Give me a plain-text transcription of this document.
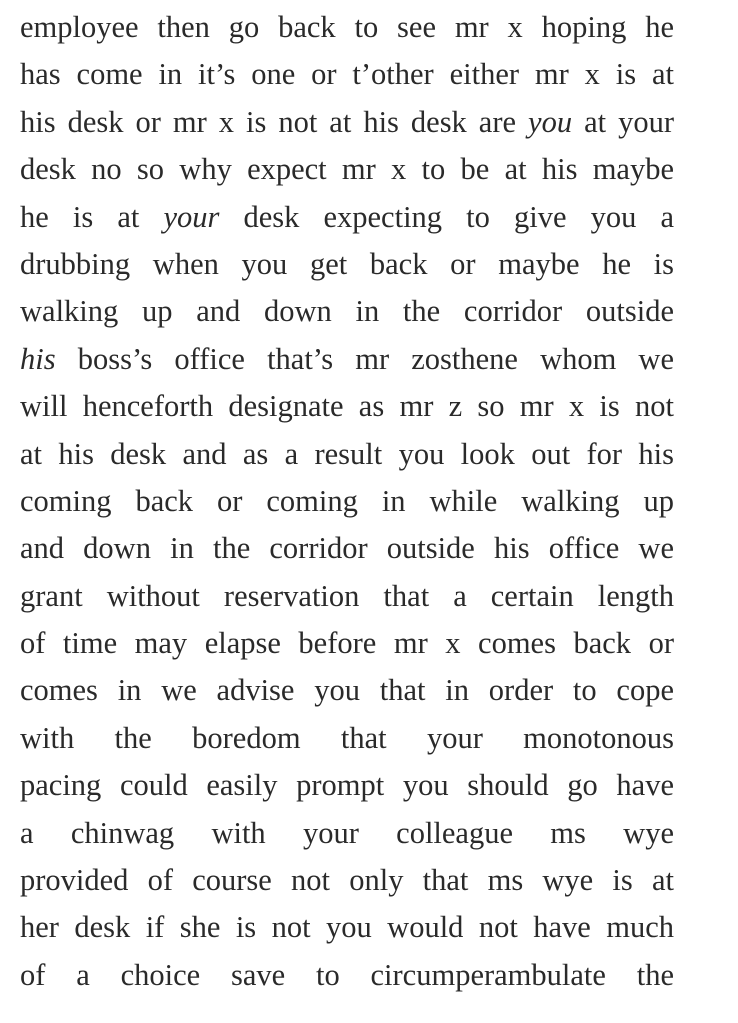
employee then go back to see mr x hoping he
has come in it’s one or t’other either mr x is at
his desk or mr x is not at his desk are you at your
desk no so why expect mr x to be at his maybe
he is at your desk expecting to give you a
drubbing when you get back or maybe he is
walking up and down in the corridor outside
his boss’s office that’s mr zosthene whom we
will henceforth designate as mr z so mr x is not
at his desk and as a result you look out for his
coming back or coming in while walking up
and down in the corridor outside his office we
grant without reservation that a certain length
of time may elapse before mr x comes back or
comes in we advise you that in order to cope
with the boredom that your monotonous
pacing could easily prompt you should go have
a chinwag with your colleague ms wye
provided of course not only that ms wye is at
her desk if she is not you would not have much
of a choice save to circumperambulate the
